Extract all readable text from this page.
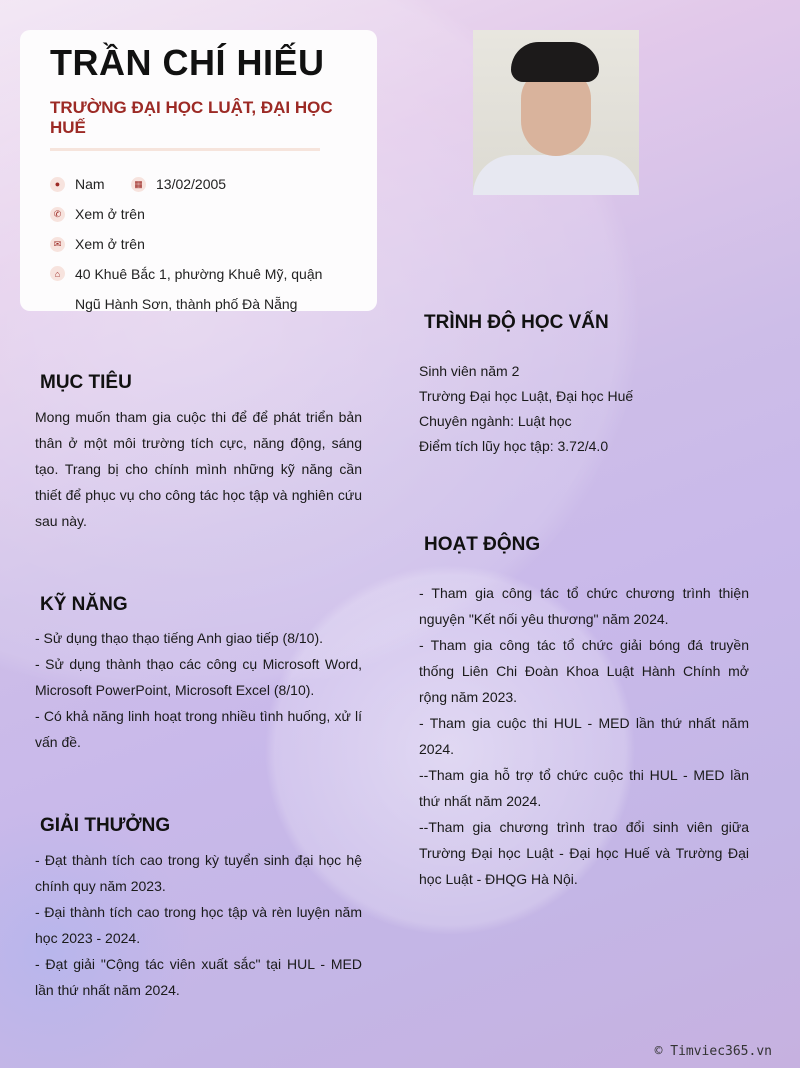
TRẦN CHÍ HIẾU
TRƯỜNG ĐẠI HỌC LUẬT, ĐẠI HỌC HUẾ
●	Nam	▦ 13/02/2005
✆ Xem ở trên
✉ Xem ở trên
⌂	40 Khuê Bắc 1, phường Khuê Mỹ, quận Ngũ Hành Sơn, thành phố Đà Nẵng
MỤC TIÊU
Mong muốn tham gia cuộc thi để để phát triển bản thân ở một môi trường tích cực, năng động, sáng tạo. Trang bị cho chính mình những kỹ năng cần thiết để phục vụ cho công tác học tập và nghiên cứu sau này.
KỸ NĂNG
- Sử dụng thạo thạo tiếng Anh giao tiếp (8/10).
- Sử dụng thành thạo các công cụ Microsoft Word, Microsoft PowerPoint, Microsoft Excel (8/10).
- Có khả năng linh hoạt trong nhiều tình huống, xử lí vấn đề.
GIẢI THƯỞNG
- Đạt thành tích cao trong kỳ tuyển sinh đại học hệ chính quy năm 2023.
- Đại thành tích cao trong học tập và rèn luyện năm học 2023 - 2024.
- Đạt giải "Cộng tác viên xuất sắc" tại HUL - MED lần thứ nhất năm 2024.
TRÌNH ĐỘ HỌC VẤN
Sinh viên năm 2
Trường Đại học Luật, Đại học Huế
Chuyên ngành: Luật học
Điểm tích lũy học tập: 3.72/4.0
HOẠT ĐỘNG
- Tham gia công tác tổ chức chương trình thiện nguyện "Kết nối yêu thương" năm 2024.
- Tham gia công tác tổ chức giải bóng đá truyền thống Liên Chi Đoàn Khoa Luật Hành Chính mở rộng năm 2023.
- Tham gia cuộc thi HUL - MED lần thứ nhất năm 2024.
--Tham gia hỗ trợ tổ chức cuộc thi HUL - MED lần thứ nhất năm 2024.
--Tham gia chương trình trao đổi sinh viên giữa Trường Đại học Luật - Đại học Huế và Trường Đại học Luật - ĐHQG Hà Nội.
© Timviec365.vn
